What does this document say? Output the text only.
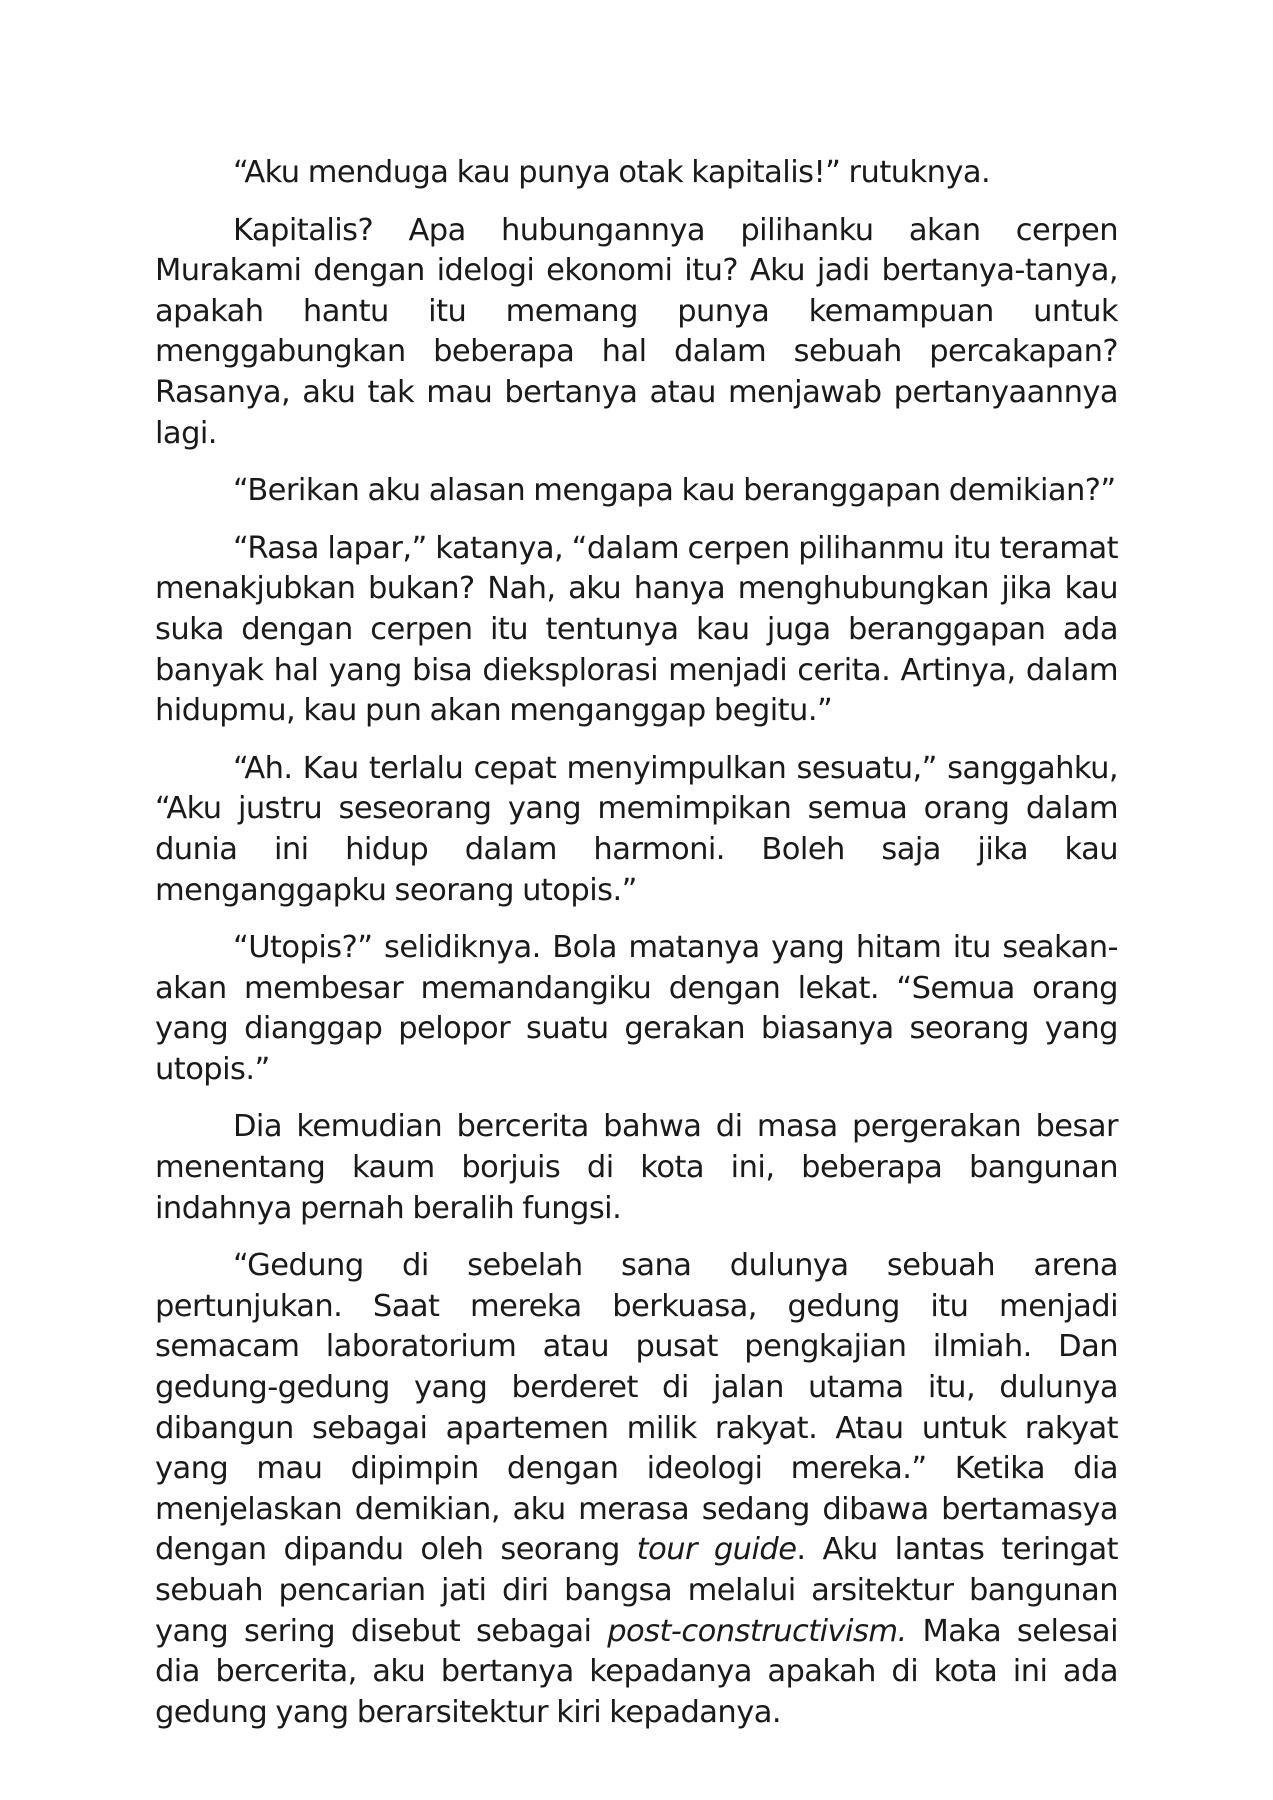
“Aku menduga kau punya otak kapitalis!” rutuknya.

Kapitalis? Apa hubungannya pilihanku akan cerpen Murakami dengan idelogi ekonomi itu? Aku jadi bertanya-tanya, apakah hantu itu memang punya kemampuan untuk menggabungkan beberapa hal dalam sebuah percakapan? Rasanya, aku tak mau bertanya atau menjawab pertanyaannya lagi.

“Berikan aku alasan mengapa kau beranggapan demikian?”

“Rasa lapar,” katanya, “dalam cerpen pilihanmu itu teramat menakjubkan bukan? Nah, aku hanya menghubungkan jika kau suka dengan cerpen itu tentunya kau juga beranggapan ada banyak hal yang bisa dieksplorasi menjadi cerita. Artinya, dalam hidupmu, kau pun akan menganggap begitu.”

“Ah. Kau terlalu cepat menyimpulkan sesuatu,” sanggahku, “Aku justru seseorang yang memimpikan semua orang dalam dunia ini hidup dalam harmoni. Boleh saja jika kau menganggapku seorang utopis.”

“Utopis?” selidiknya. Bola matanya yang hitam itu seakan-akan membesar memandangiku dengan lekat. “Semua orang yang dianggap pelopor suatu gerakan biasanya seorang yang utopis.”

Dia kemudian bercerita bahwa di masa pergerakan besar menentang kaum borjuis di kota ini, beberapa bangunan indahnya pernah beralih fungsi.

“Gedung di sebelah sana dulunya sebuah arena pertunjukan. Saat mereka berkuasa, gedung itu menjadi semacam laboratorium atau pusat pengkajian ilmiah. Dan gedung-gedung yang berderet di jalan utama itu, dulunya dibangun sebagai apartemen milik rakyat. Atau untuk rakyat yang mau dipimpin dengan ideologi mereka.” Ketika dia menjelaskan demikian, aku merasa sedang dibawa bertamasya dengan dipandu oleh seorang tour guide. Aku lantas teringat sebuah pencarian jati diri bangsa melalui arsitektur bangunan yang sering disebut sebagai post-constructivism. Maka selesai dia bercerita, aku bertanya kepadanya apakah di kota ini ada gedung yang berarsitektur kiri kepadanya.
